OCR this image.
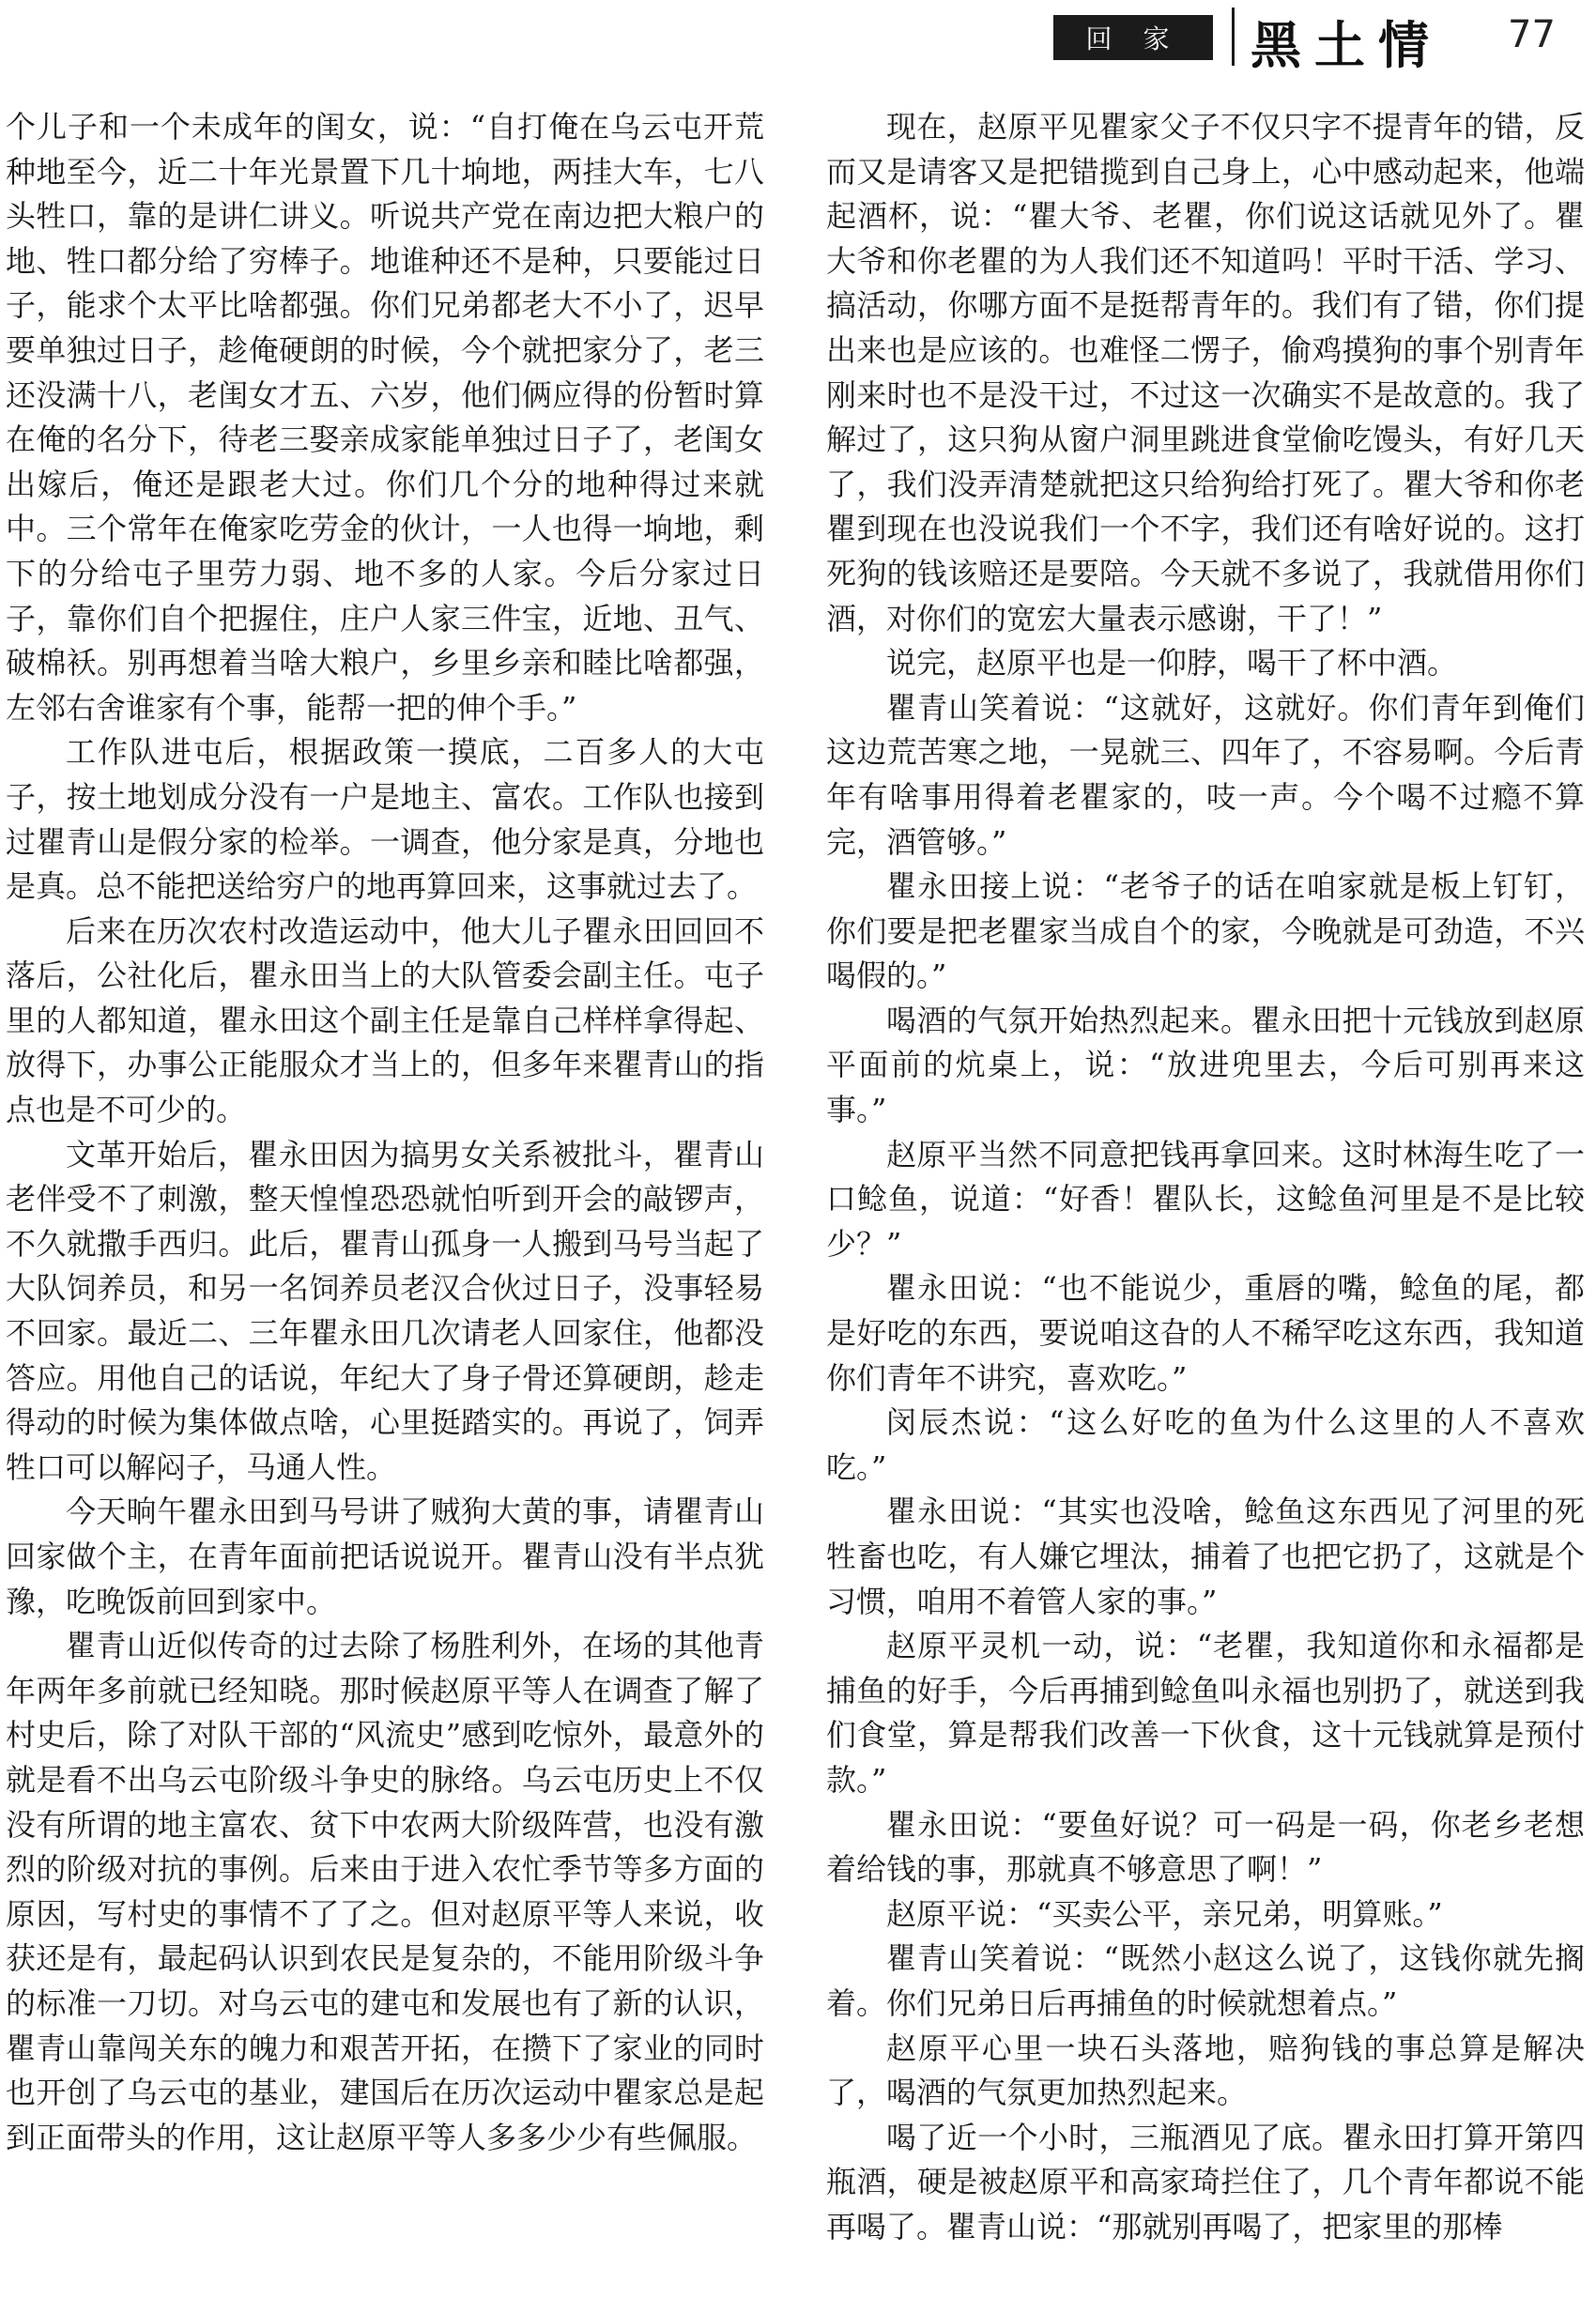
回 家	黑土情 77

个儿子和一个未成年的闺女，说：“自打俺在乌云屯开荒种地至今，近二十年光景置下几十垧地，两挂大车，七八头牲口，靠的是讲仁讲义。听说共产党在南边把大粮户的地、牲口都分给了穷棒子。地谁种还不是种，只要能过日子，能求个太平比啥都强。你们兄弟都老大不小了，迟早要单独过日子，趁俺硬朗的时候，今个就把家分了，老三还没满十八，老闺女才五、六岁，他们俩应得的份暂时算在俺的名分下，待老三娶亲成家能单独过日子了，老闺女出嫁后，俺还是跟老大过。你们几个分的地种得过来就中。三个常年在俺家吃劳金的伙计，一人也得一垧地，剩下的分给屯子里劳力弱、地不多的人家。今后分家过日子，靠你们自个把握住，庄户人家三件宝，近地、丑气、破棉袄。别再想着当啥大粮户，乡里乡亲和睦比啥都强，左邻右舍谁家有个事，能帮一把的伸个手。”

工作队进屯后，根据政策一摸底，二百多人的大屯子，按土地划成分没有一户是地主、富农。工作队也接到过瞿青山是假分家的检举。一调查，他分家是真，分地也是真。总不能把送给穷户的地再算回来，这事就过去了。

后来在历次农村改造运动中，他大儿子瞿永田回回不落后，公社化后，瞿永田当上的大队管委会副主任。屯子里的人都知道，瞿永田这个副主任是靠自己样样拿得起、放得下，办事公正能服众才当上的，但多年来瞿青山的指点也是不可少的。

文革开始后，瞿永田因为搞男女关系被批斗，瞿青山老伴受不了刺激，整天惶惶恐恐就怕听到开会的敲锣声，不久就撒手西归。此后，瞿青山孤身一人搬到马号当起了大队饲养员，和另一名饲养员老汉合伙过日子，没事轻易不回家。最近二、三年瞿永田几次请老人回家住，他都没答应。用他自己的话说，年纪大了身子骨还算硬朗，趁走得动的时候为集体做点啥，心里挺踏实的。再说了，饲弄牲口可以解闷子，马通人性。

今天晌午瞿永田到马号讲了贼狗大黄的事，请瞿青山回家做个主，在青年面前把话说说开。瞿青山没有半点犹豫，吃晚饭前回到家中。

瞿青山近似传奇的过去除了杨胜利外，在场的其他青年两年多前就已经知晓。那时候赵原平等人在调查了解了村史后，除了对队干部的“风流史”感到吃惊外，最意外的就是看不出乌云屯阶级斗争史的脉络。乌云屯历史上不仅没有所谓的地主富农、贫下中农两大阶级阵营，也没有激烈的阶级对抗的事例。后来由于进入农忙季节等多方面的原因，写村史的事情不了了之。但对赵原平等人来说，收获还是有，最起码认识到农民是复杂的，不能用阶级斗争的标准一刀切。对乌云屯的建屯和发展也有了新的认识，瞿青山靠闯关东的魄力和艰苦开拓，在攒下了家业的同时也开创了乌云屯的基业，建国后在历次运动中瞿家总是起到正面带头的作用，这让赵原平等人多多少少有些佩服。

现在，赵原平见瞿家父子不仅只字不提青年的错，反而又是请客又是把错揽到自己身上，心中感动起来，他端起酒杯，说：“瞿大爷、老瞿，你们说这话就见外了。瞿大爷和你老瞿的为人我们还不知道吗！平时干活、学习、搞活动，你哪方面不是挺帮青年的。我们有了错，你们提出来也是应该的。也难怪二愣子，偷鸡摸狗的事个别青年刚来时也不是没干过，不过这一次确实不是故意的。我了解过了，这只狗从窗户洞里跳进食堂偷吃馒头，有好几天了，我们没弄清楚就把这只给狗给打死了。瞿大爷和你老瞿到现在也没说我们一个不字，我们还有啥好说的。这打死狗的钱该赔还是要陪。今天就不多说了，我就借用你们酒，对你们的宽宏大量表示感谢，干了！”

说完，赵原平也是一仰脖，喝干了杯中酒。

瞿青山笑着说：“这就好，这就好。你们青年到俺们这边荒苦寒之地，一晃就三、四年了，不容易啊。今后青年有啥事用得着老瞿家的，吱一声。今个喝不过瘾不算完，酒管够。”

瞿永田接上说：“老爷子的话在咱家就是板上钉钉，你们要是把老瞿家当成自个的家，今晚就是可劲造，不兴喝假的。”

喝酒的气氛开始热烈起来。瞿永田把十元钱放到赵原平面前的炕桌上，说：“放进兜里去，今后可别再来这事。”

赵原平当然不同意把钱再拿回来。这时林海生吃了一口鲶鱼，说道：“好香！瞿队长，这鲶鱼河里是不是比较少？”

瞿永田说：“也不能说少，重唇的嘴，鲶鱼的尾，都是好吃的东西，要说咱这旮的人不稀罕吃这东西，我知道你们青年不讲究，喜欢吃。”

闵辰杰说：“这么好吃的鱼为什么这里的人不喜欢吃。”

瞿永田说：“其实也没啥，鲶鱼这东西见了河里的死牲畜也吃，有人嫌它埋汰，捕着了也把它扔了，这就是个习惯，咱用不着管人家的事。”

赵原平灵机一动，说：“老瞿，我知道你和永福都是捕鱼的好手，今后再捕到鲶鱼叫永福也别扔了，就送到我们食堂，算是帮我们改善一下伙食，这十元钱就算是预付款。”

瞿永田说：“要鱼好说？可一码是一码，你老乡老想着给钱的事，那就真不够意思了啊！”

赵原平说：“买卖公平，亲兄弟，明算账。”

瞿青山笑着说：“既然小赵这么说了，这钱你就先搁着。你们兄弟日后再捕鱼的时候就想着点。”

赵原平心里一块石头落地，赔狗钱的事总算是解决了，喝酒的气氛更加热烈起来。

喝了近一个小时，三瓶酒见了底。瞿永田打算开第四瓶酒，硬是被赵原平和高家琦拦住了，几个青年都说不能再喝了。瞿青山说：“那就别再喝了，把家里的那棒
